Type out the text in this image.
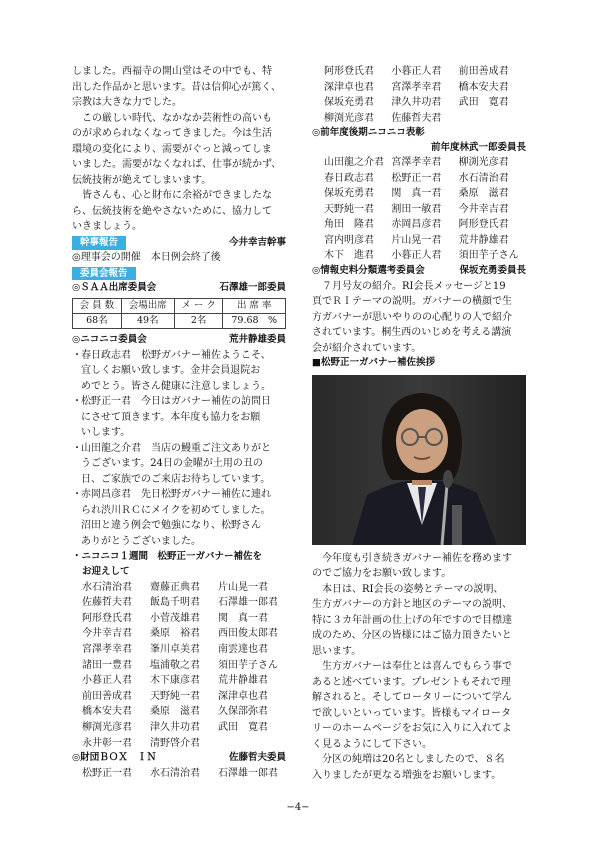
しました。西福寺の開山堂はその中でも、特

出した作品かと思います。昔は信仰心が篤く、

宗教は大きな力でした。

この厳しい時代、なかなか芸術性の高いも

のが求められなくなってきました。今は生活

環境の変化により、需要がぐっと減ってしま

いました。需要がなくなれば、仕事が続かず、

伝統技術が絶えてしまいます。

皆さんも、心と財布に余裕ができましたな

ら、伝統技術を絶やさないために、協力して

いきましょう。

幹事報告	今井幸吉幹事

◎理事会の開催　本日例会終了後

委員会報告
◎ＳＡＡ出席委員会	石澤雄一郎委員
会 員 数	会場出席	メ ー ク	出 席 率
68名	49名	2名	79.68　%
◎ニコニコ委員会	荒井静雄委員
・ 春日政志君　松野ガバナー補佐ようこそ、

宜しくお願い致します。金井会員退院お

めでとう。皆さん健康に注意しましょう。

・ 松野正一君　今日はガバナー補佐の訪問日

にさせて頂きます。本年度も協力をお願

いします。

・ 山田龍之介君　当店の鰻重ご注文ありがと

うございます。24日の金曜が土用の丑の

日、ご家族でのご来店お待ちしています。

・ 赤岡昌彦君　先日松野ガバナー補佐に連れ

られ渋川ＲＣにメイクを初めてしました。

沼田と違う例会で勉強になり、松野さん

ありがとうございました。

・ニコニコ１週間　松野正一ガバナー補佐を

お迎えして

水石清治君	齋藤正典君	片山晃一君
佐藤哲夫君	飯島千明君	石澤雄一郎君
阿形登氏君	小菅茂雄君	関　真一君
今井幸吉君	桑原　裕君	西田俊太郎君
宮澤孝幸君	峯川卓美君	南雲達也君
諸田一豊君	塩浦敬之君	須田芋子さん
小暮正人君	木下康彦君	荒井静雄君
前田善成君	天野純一君	深津卓也君
橋本安夫君	桑原　滋君	久保部弥君
柳渕光彦君	津久井功君	武田　寛君
永井彰一君	清野啓介君
◎財団ＢＯＸ　ＩＮ	佐藤哲夫委員
松野正一君	水石清治君	石澤雄一郎君
阿形登氏君	小暮正人君	前田善成君
深津卓也君	宮澤孝幸君	橋本安夫君
保坂充勇君	津久井功君	武田　寛君
柳渕光彦君	佐藤哲夫君

◎前年度後期ニコニコ表彰

前年度林武一郎委員長

山田龍之介君 宮澤孝幸君	柳渕光彦君
春日政志君	松野正一君	水石清治君
保坂充勇君	関　真一君	桑原　滋君
天野純一君	割田一敏君	今井幸吉君
角田　隆君	赤岡昌彦君	阿形登氏君
宮内明彦君	片山晃一君	荒井静雄君
木下　進君	小暮正人君	須田芋子さん
◎情報史料分類選考委員会	保坂充勇委員長

７月号友の紹介。RI会長メッセージと19

頁でＲＩテーマの説明。ガバナーの横顔で生

方ガバナーが思いやりのの心配りの人で紹介

されています。桐生西のいじめを考える講演

会が紹介されています。

■松野正一ガバナー補佐挨拶

今年度も引き続きガバナー補佐を務めます

のでご協力をお願い致します。

本日は、RI会長の姿勢とテーマの説明、

生方ガバナーの方針と地区のテーマの説明、

特に３カ年計画の仕上げの年ですので目標達

成のため、分区の皆様にはご協力頂きたいと

思います。

生方ガバナーは奉仕とは喜んでもらう事で

あると述べています。プレゼントもそれで理

解されると。そしてロータリーについて学ん

で欲しいといっています。皆様もマイロータ

リーのホームページをお気に入りに入れてよ

く見るようにして下さい。

分区の純増は20名としましたので、８名

入りましたが更なる増強をお願いします。

−4−
